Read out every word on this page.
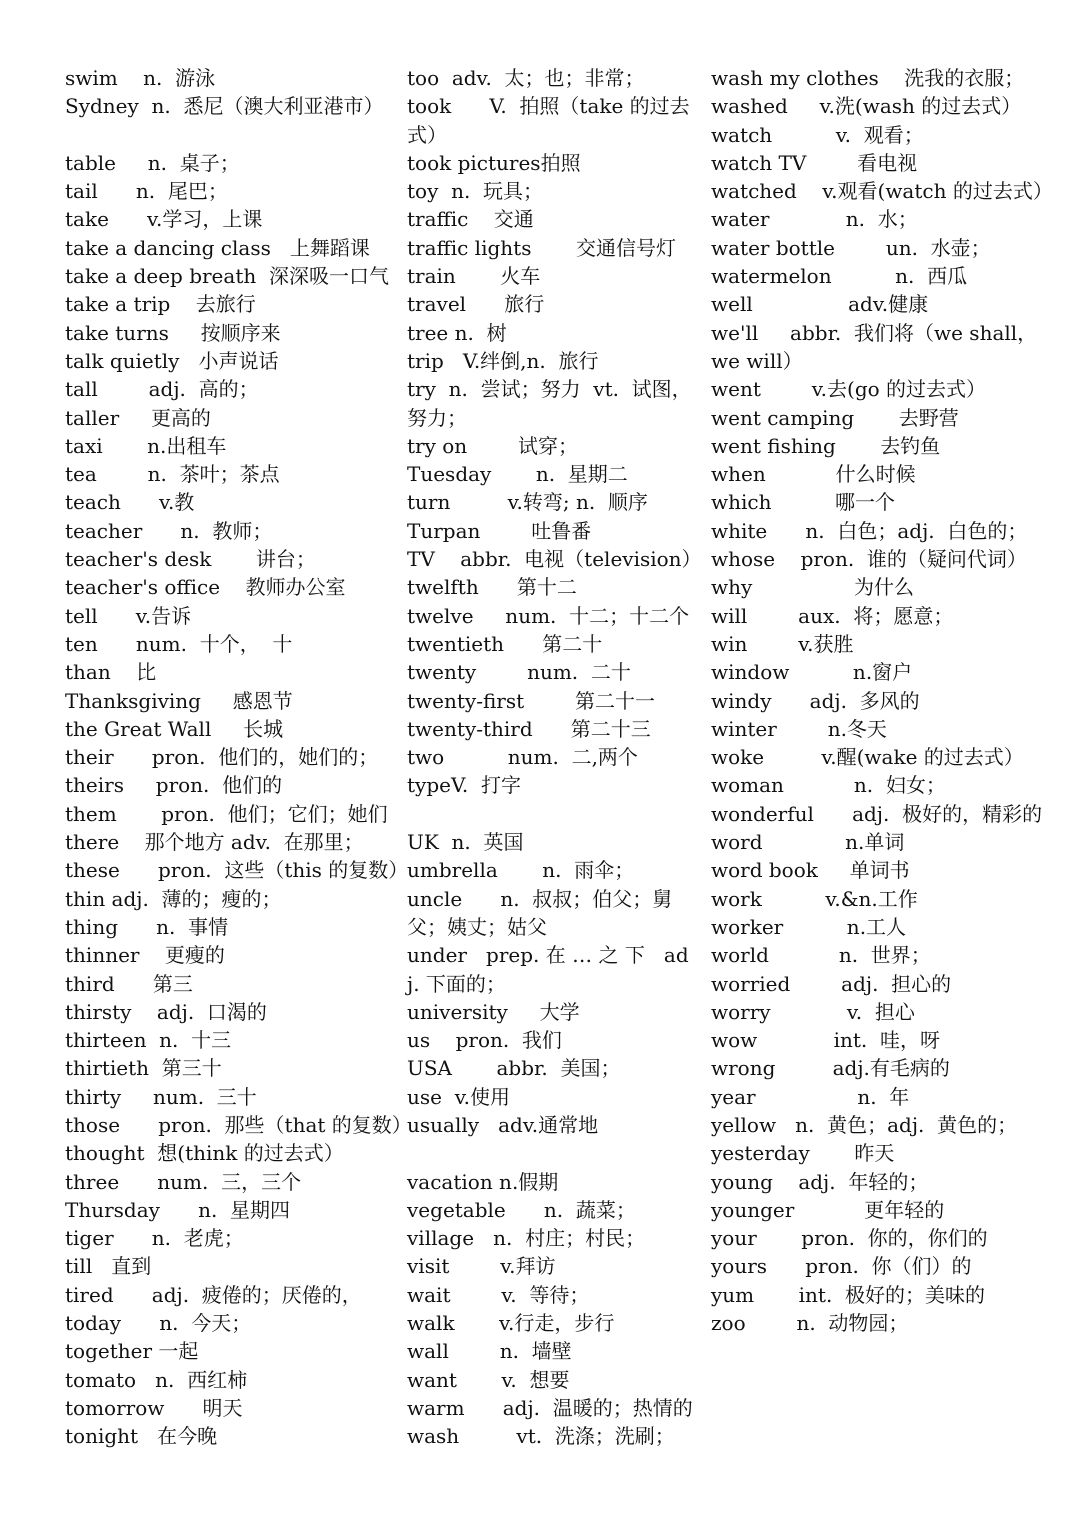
swim    n.  游泳
Sydney  n.  悉尼（澳大利亚港市）
table     n.  桌子；
tail      n.  尾巴；
take      v.学习，上课
take a dancing class   上舞蹈课
take a deep breath  深深吸一口气
take a trip    去旅行
take turns     按顺序来
talk quietly   小声说话
tall        adj.  高的；
taller     更高的
taxi       n.出租车
tea        n.  茶叶；茶点
teach      v.教
teacher      n.  教师；
teacher's desk       讲台；
teacher's office    教师办公室
tell      v.告诉
ten      num.  十个，  十
than    比
Thanksgiving     感恩节
the Great Wall     长城
their      pron.  他们的，她们的；
theirs     pron.  他们的
them       pron.  他们；它们；她们
there    那个地方 adv.  在那里；
these      pron.  这些（this 的复数）
thin adj.  薄的；瘦的；
thing      n.  事情
thinner    更瘦的
third      第三
thirsty    adj.  口渴的
thirteen  n.  十三
thirtieth  第三十
thirty     num.  三十
those      pron.  那些（that 的复数）
thought  想(think 的过去式）
three      num.  三，三个
Thursday      n.  星期四
tiger      n.  老虎；
till   直到
tired      adj.  疲倦的；厌倦的，
today      n.  今天；
together 一起
tomato   n.  西红柿
tomorrow      明天
tonight   在今晚
too  adv.  太；也；非常；
took      V.  拍照（take 的过去式）
took pictures拍照
toy  n.  玩具；
traffic    交通
traffic lights       交通信号灯
train       火车
travel      旅行
tree n.  树
trip   V.绊倒,n.  旅行
try  n.  尝试；努力  vt.  试图，努力；
try on        试穿；
Tuesday       n.  星期二
turn         v.转弯; n.  顺序
Turpan        吐鲁番
TV    abbr.  电视（television）
twelfth      第十二
twelve     num.  十二；十二个
twentieth      第二十
twenty        num.  二十
twenty-first        第二十一
twenty-third      第二十三
two          num.  二,两个
typeV.  打字
UK  n.  英国
umbrella       n.  雨伞；
uncle      n.  叔叔；伯父；舅父；姨丈；姑父
under   prep. 在 … 之 下   adj. 下面的；
university     大学
us    pron.  我们
USA       abbr.  美国；
use  v.使用
usually   adv.通常地
vacation n.假期
vegetable      n.  蔬菜；
village   n.  村庄；村民；
visit        v.拜访
wait        v.  等待；
walk       v.行走，步行
wall        n.  墙壁
want       v.  想要
warm      adj.  温暖的；热情的
wash         vt.  洗涤；洗刷；
wash my clothes    洗我的衣服；
washed     v.洗(wash 的过去式）
watch          v.  观看；
watch TV        看电视
watched    v.观看(watch 的过去式）
water            n.  水；
water bottle        un.  水壶；
watermelon          n.  西瓜
well               adv.健康
we'll     abbr.  我们将（we shall，we will）
went        v.去(go 的过去式）
went camping       去野营
went fishing       去钓鱼
when           什么时候
which          哪一个
white      n.  白色；adj.  白色的；
whose    pron.  谁的（疑问代词）
why                为什么
will        aux.  将；愿意；
win        v.获胜
window          n.窗户
windy      adj.  多风的
winter        n.冬天
woke         v.醒(wake 的过去式）
woman           n.  妇女；
wonderful      adj.  极好的，精彩的
word             n.单词
word book     单词书
work          v.&n.工作
worker          n.工人
world           n.  世界；
worried        adj.  担心的
worry            v.  担心
wow            int.  哇，呀
wrong         adj.有毛病的
year                n.  年
yellow   n.  黄色；adj.  黄色的；
yesterday       昨天
young    adj.  年轻的；
younger           更年轻的
your       pron.  你的，你们的
yours      pron.  你（们）的
yum       int.  极好的；美味的
zoo        n.  动物园；
